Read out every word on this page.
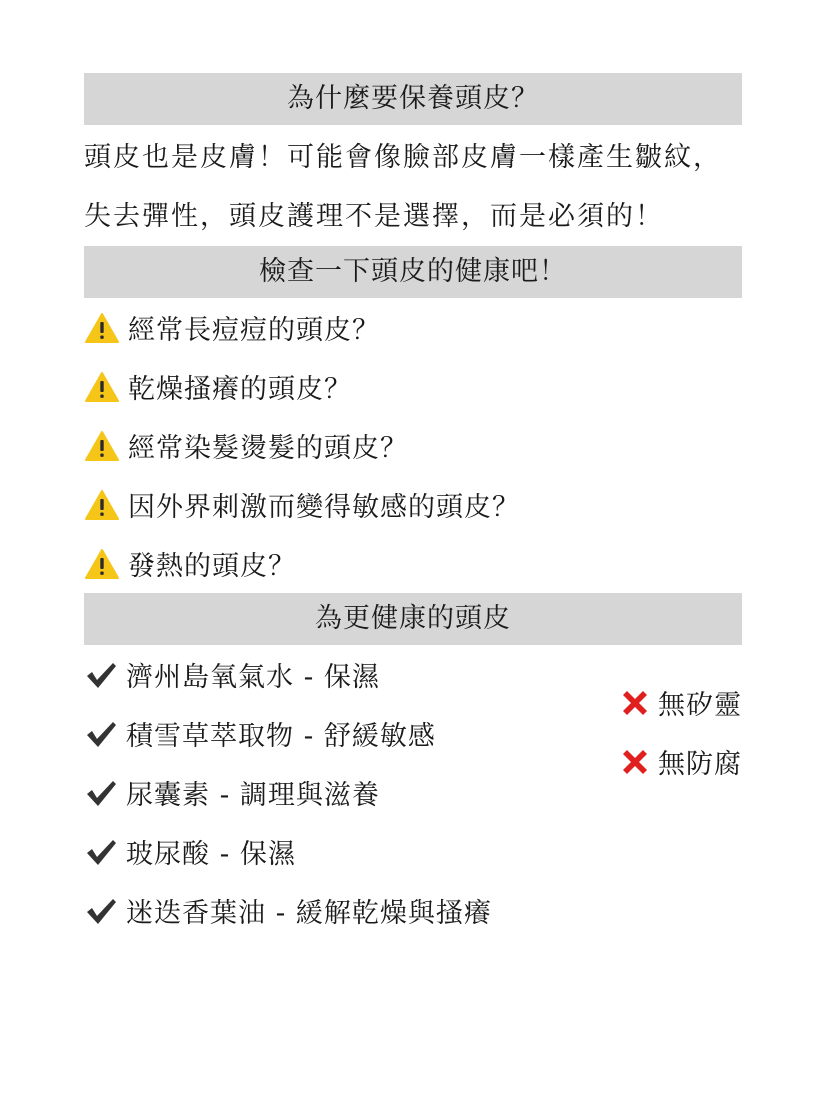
為什麼要保養頭皮？

頭皮也是皮膚！可能會像臉部皮膚一樣產生皺紋，失去彈性，頭皮護理不是選擇，而是必須的！

檢查一下頭皮的健康吧！
經常長痘痘的頭皮？
乾燥搔癢的頭皮？
經常染髮燙髮的頭皮？
因外界刺激而變得敏感的頭皮？
發熱的頭皮？
為更健康的頭皮
濟州島氧氣水 - 保濕
積雪草萃取物 - 舒緩敏感
尿囊素 - 調理與滋養
玻尿酸 - 保濕
迷迭香葉油 - 緩解乾燥與搔癢
無矽靈
無防腐
